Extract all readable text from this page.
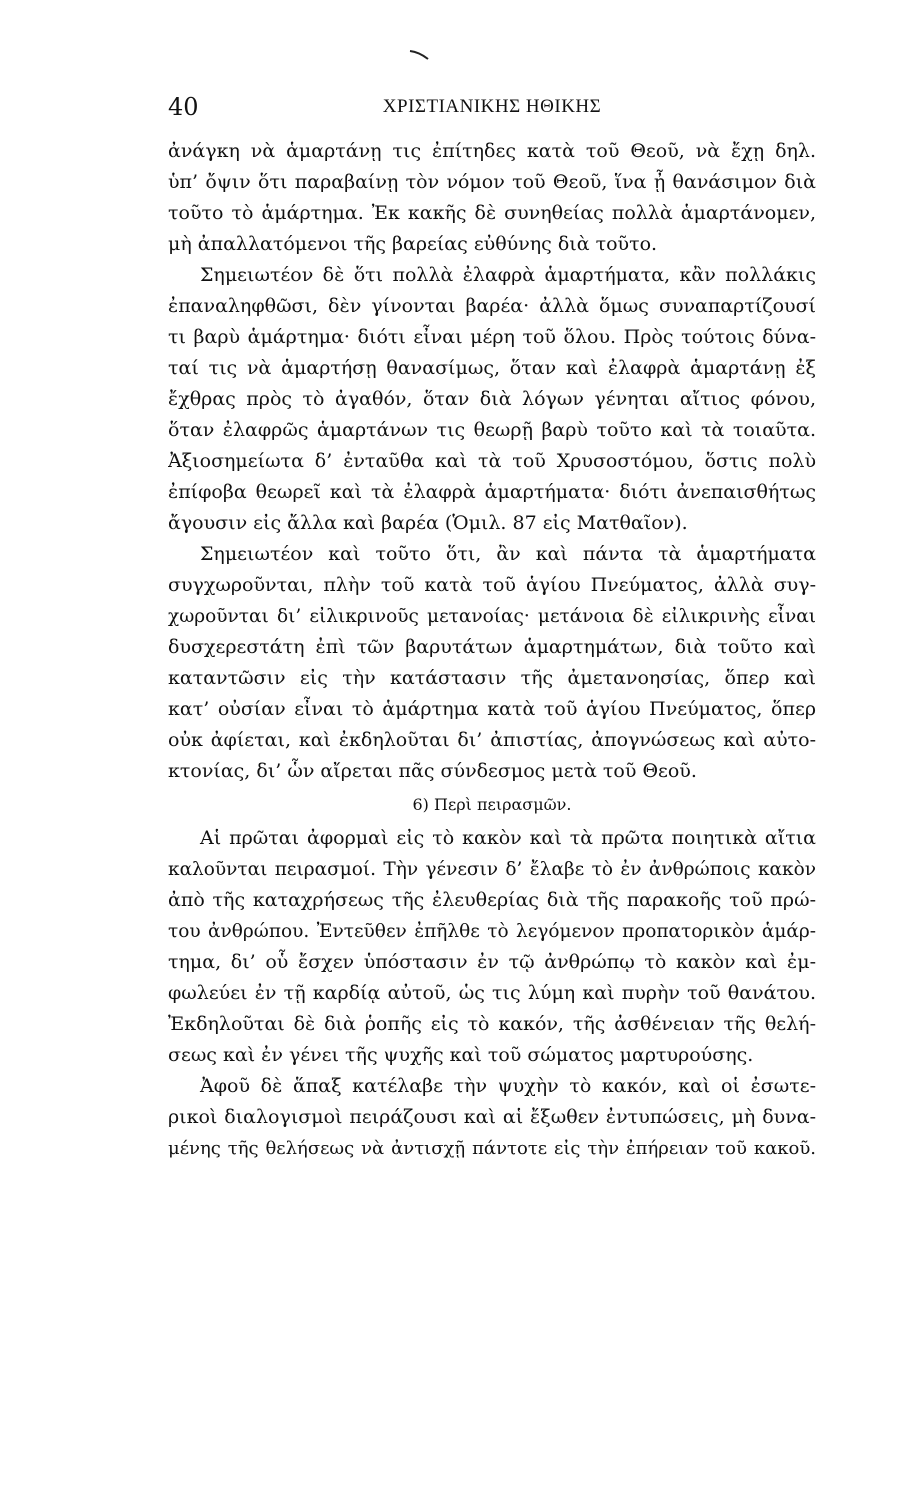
40	ΧΡΙΣΤΙΑΝΙΚΗΣ ΗΘΙΚΗΣ
ἀνάγκη νὰ ἁμαρτάνῃ τις ἐπίτηδες κατὰ τοῦ Θεοῦ, νὰ ἔχῃ δηλ.
ὑπ’ ὄψιν ὅτι παραβαίνῃ τὸν νόμον τοῦ Θεοῦ, ἵνα ᾖ θανάσιμον διὰ
τοῦτο τὸ ἁμάρτημα. Ἐκ κακῆς δὲ συνηθείας πολλὰ ἁμαρτάνομεν,
μὴ ἀπαλλατόμενοι τῆς βαρείας εὐθύνης διὰ τοῦτο.
Σημειωτέον δὲ ὅτι πολλὰ ἐλαφρὰ ἁμαρτήματα, κἂν πολλάκις
ἐπαναληφθῶσι, δὲν γίνονται βαρέα· ἀλλὰ ὅμως συναπαρτίζουσί
τι βαρὺ ἁμάρτημα· διότι εἶναι μέρη τοῦ ὅλου. Πρὸς τούτοις δύνα-
ταί τις νὰ ἁμαρτήσῃ θανασίμως, ὅταν καὶ ἐλαφρὰ ἁμαρτάνῃ ἐξ
ἔχθρας πρὸς τὸ ἀγαθόν, ὅταν διὰ λόγων γένηται αἴτιος φόνου,
ὅταν ἐλαφρῶς ἁμαρτάνων τις θεωρῇ βαρὺ τοῦτο καὶ τὰ τοιαῦτα.
Ἀξιοσημείωτα δ’ ἐνταῦθα καὶ τὰ τοῦ Χρυσοστόμου, ὅστις πολὺ
ἐπίφοβα θεωρεῖ καὶ τὰ ἐλαφρὰ ἁμαρτήματα· διότι ἀνεπαισθήτως
ἄγουσιν εἰς ἄλλα καὶ βαρέα (Ὁμιλ. 87 εἰς Ματθαῖον).
Σημειωτέον καὶ τοῦτο ὅτι, ἂν καὶ πάντα τὰ ἁμαρτήματα
συγχωροῦνται, πλὴν τοῦ κατὰ τοῦ ἁγίου Πνεύματος, ἀλλὰ συγ-
χωροῦνται δι’ εἰλικρινοῦς μετανοίας· μετάνοια δὲ εἰλικρινὴς εἶναι
δυσχερεστάτη ἐπὶ τῶν βαρυτάτων ἁμαρτημάτων, διὰ τοῦτο καὶ
καταντῶσιν εἰς τὴν κατάστασιν τῆς ἀμετανοησίας, ὅπερ καὶ
κατ’ οὐσίαν εἶναι τὸ ἁμάρτημα κατὰ τοῦ ἁγίου Πνεύματος, ὅπερ
οὐκ ἀφίεται, καὶ ἐκδηλοῦται δι’ ἀπιστίας, ἀπογνώσεως καὶ αὐτο-
κτονίας, δι’ ὧν αἴρεται πᾶς σύνδεσμος μετὰ τοῦ Θεοῦ.
6) Περὶ πειρασμῶν.
Αἱ πρῶται ἀφορμαὶ εἰς τὸ κακὸν καὶ τὰ πρῶτα ποιητικὰ αἴτια
καλοῦνται πειρασμοί. Τὴν γένεσιν δ’ ἔλαβε τὸ ἐν ἀνθρώποις κακὸν
ἀπὸ τῆς καταχρήσεως τῆς ἐλευθερίας διὰ τῆς παρακοῆς τοῦ πρώ-
του ἀνθρώπου. Ἐντεῦθεν ἐπῆλθε τὸ λεγόμενον προπατορικὸν ἁμάρ-
τημα, δι’ οὗ ἔσχεν ὑπόστασιν ἐν τῷ ἀνθρώπῳ τὸ κακὸν καὶ ἐμ-
φωλεύει ἐν τῇ καρδίᾳ αὐτοῦ, ὡς τις λύμη καὶ πυρὴν τοῦ θανάτου.
Ἐκδηλοῦται δὲ διὰ ῥοπῆς εἰς τὸ κακόν, τῆς ἀσθένειαν τῆς θελή-
σεως καὶ ἐν γένει τῆς ψυχῆς καὶ τοῦ σώματος μαρτυρούσης.
Ἀφοῦ δὲ ἅπαξ κατέλαβε τὴν ψυχὴν τὸ κακόν, καὶ οἱ ἐσωτε-
ρικοὶ διαλογισμοὶ πειράζουσι καὶ αἱ ἔξωθεν ἐντυπώσεις, μὴ δυνα-
μένης τῆς θελήσεως νὰ ἀντισχῇ πάντοτε εἰς τὴν ἐπήρειαν τοῦ κακοῦ.
